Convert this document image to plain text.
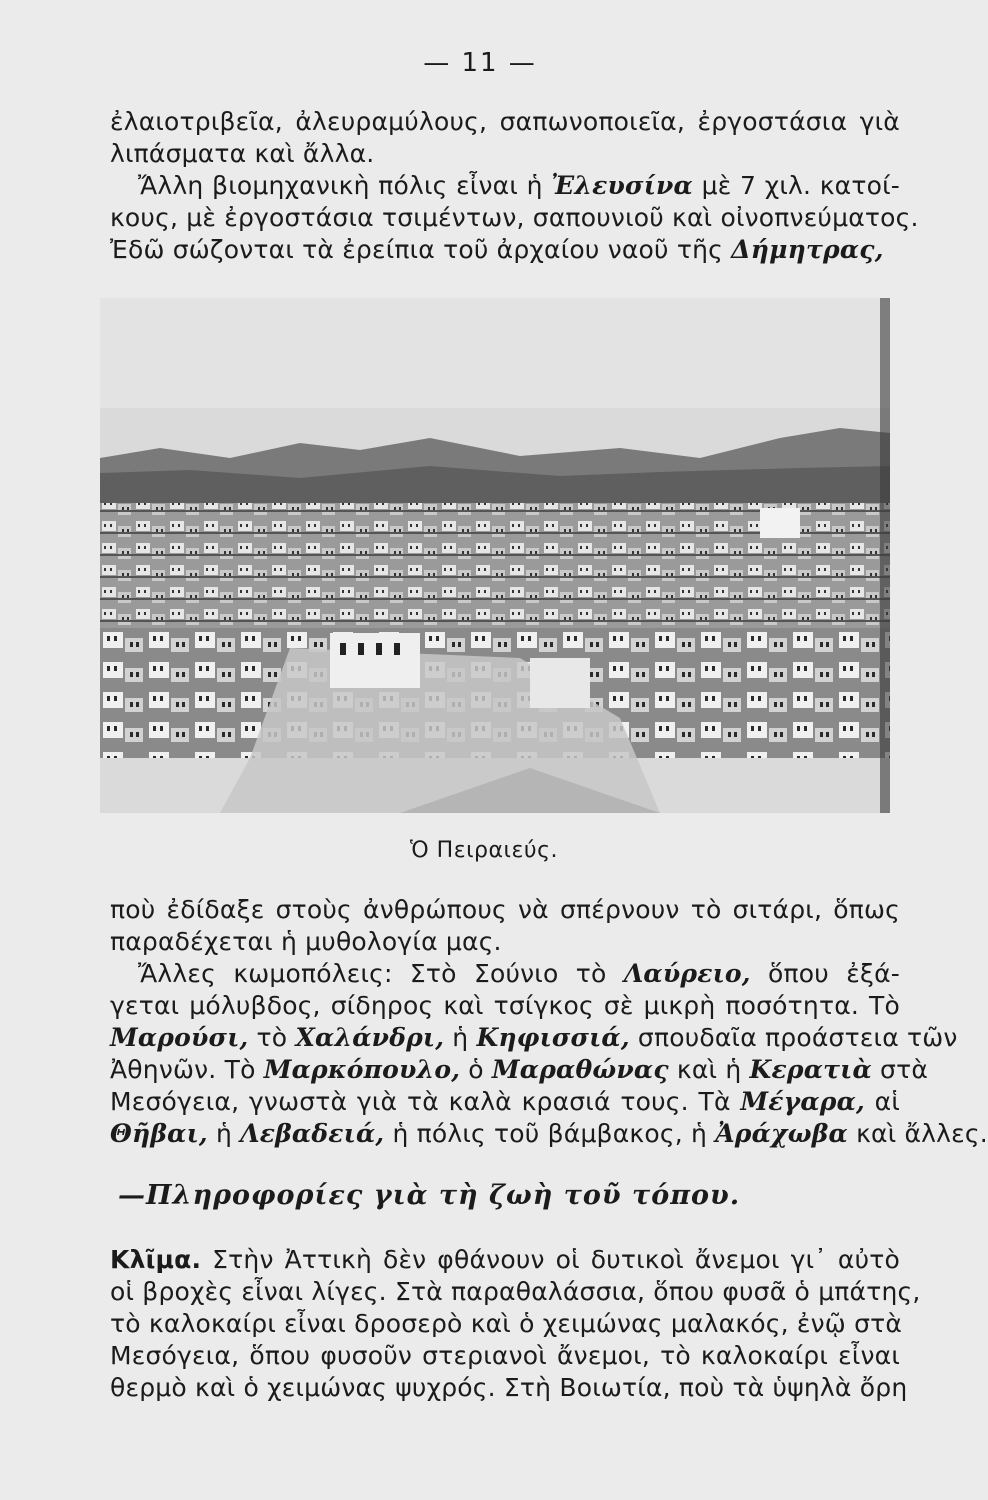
— 11 —
ἐλαιοτριβεῖα, ἀλευραμύλους, σαπωνοποιεῖα, ἐργοστάσια γιὰ
λιπάσματα καὶ ἄλλα.
Ἄλλη βιομηχανικὴ πόλις εἶναι ἡ Ἐλευσίνα μὲ 7 χιλ. κατοί-
κους, μὲ ἐργοστάσια τσιμέντων, σαπουνιοῦ καὶ οἰνοπνεύματος.
Ἐδῶ σώζονται τὰ ἐρείπια τοῦ ἀρχαίου ναοῦ τῆς Δήμητρας,
Ὁ Πειραιεύς.
ποὺ ἐδίδαξε στοὺς ἀνθρώπους νὰ σπέρνουν τὸ σιτάρι, ὅπως
παραδέχεται ἡ μυθολογία μας.
Ἄλλες κωμοπόλεις: Στὸ Σούνιο τὸ Λαύρειο, ὅπου ἐξά-
γεται μόλυβδος, σίδηρος καὶ τσίγκος σὲ μικρὴ ποσότητα. Τὸ
Μαρούσι, τὸ Χαλάνδρι, ἡ Κηφισσιά, σπουδαῖα προάστεια τῶν
Ἀθηνῶν. Τὸ Μαρκόπουλο, ὁ Μαραθώνας καὶ ἡ Κερατιὰ στὰ
Μεσόγεια, γνωστὰ γιὰ τὰ καλὰ κρασιά τους. Τὰ Μέγαρα, αἱ
Θῆβαι, ἡ Λεβαδειά, ἡ πόλις τοῦ βάμβακος, ἡ Ἀράχωβα καὶ ἄλλες.
—Πληροφορίες γιὰ τὴ ζωὴ τοῦ τόπου.
Κλῖμα. Στὴν Ἀττικὴ δὲν φθάνουν οἱ δυτικοὶ ἄνεμοι γι᾿ αὐτὸ
οἱ βροχὲς εἶναι λίγες. Στὰ παραθαλάσσια, ὅπου φυσᾶ ὁ μπάτης,
τὸ καλοκαίρι εἶναι δροσερὸ καὶ ὁ χειμώνας μαλακός, ἐνῷ στὰ
Μεσόγεια, ὅπου φυσοῦν στεριανοὶ ἄνεμοι, τὸ καλοκαίρι εἶναι
θερμὸ καὶ ὁ χειμώνας ψυχρός. Στὴ Βοιωτία, ποὺ τὰ ὑψηλὰ ὄρη
